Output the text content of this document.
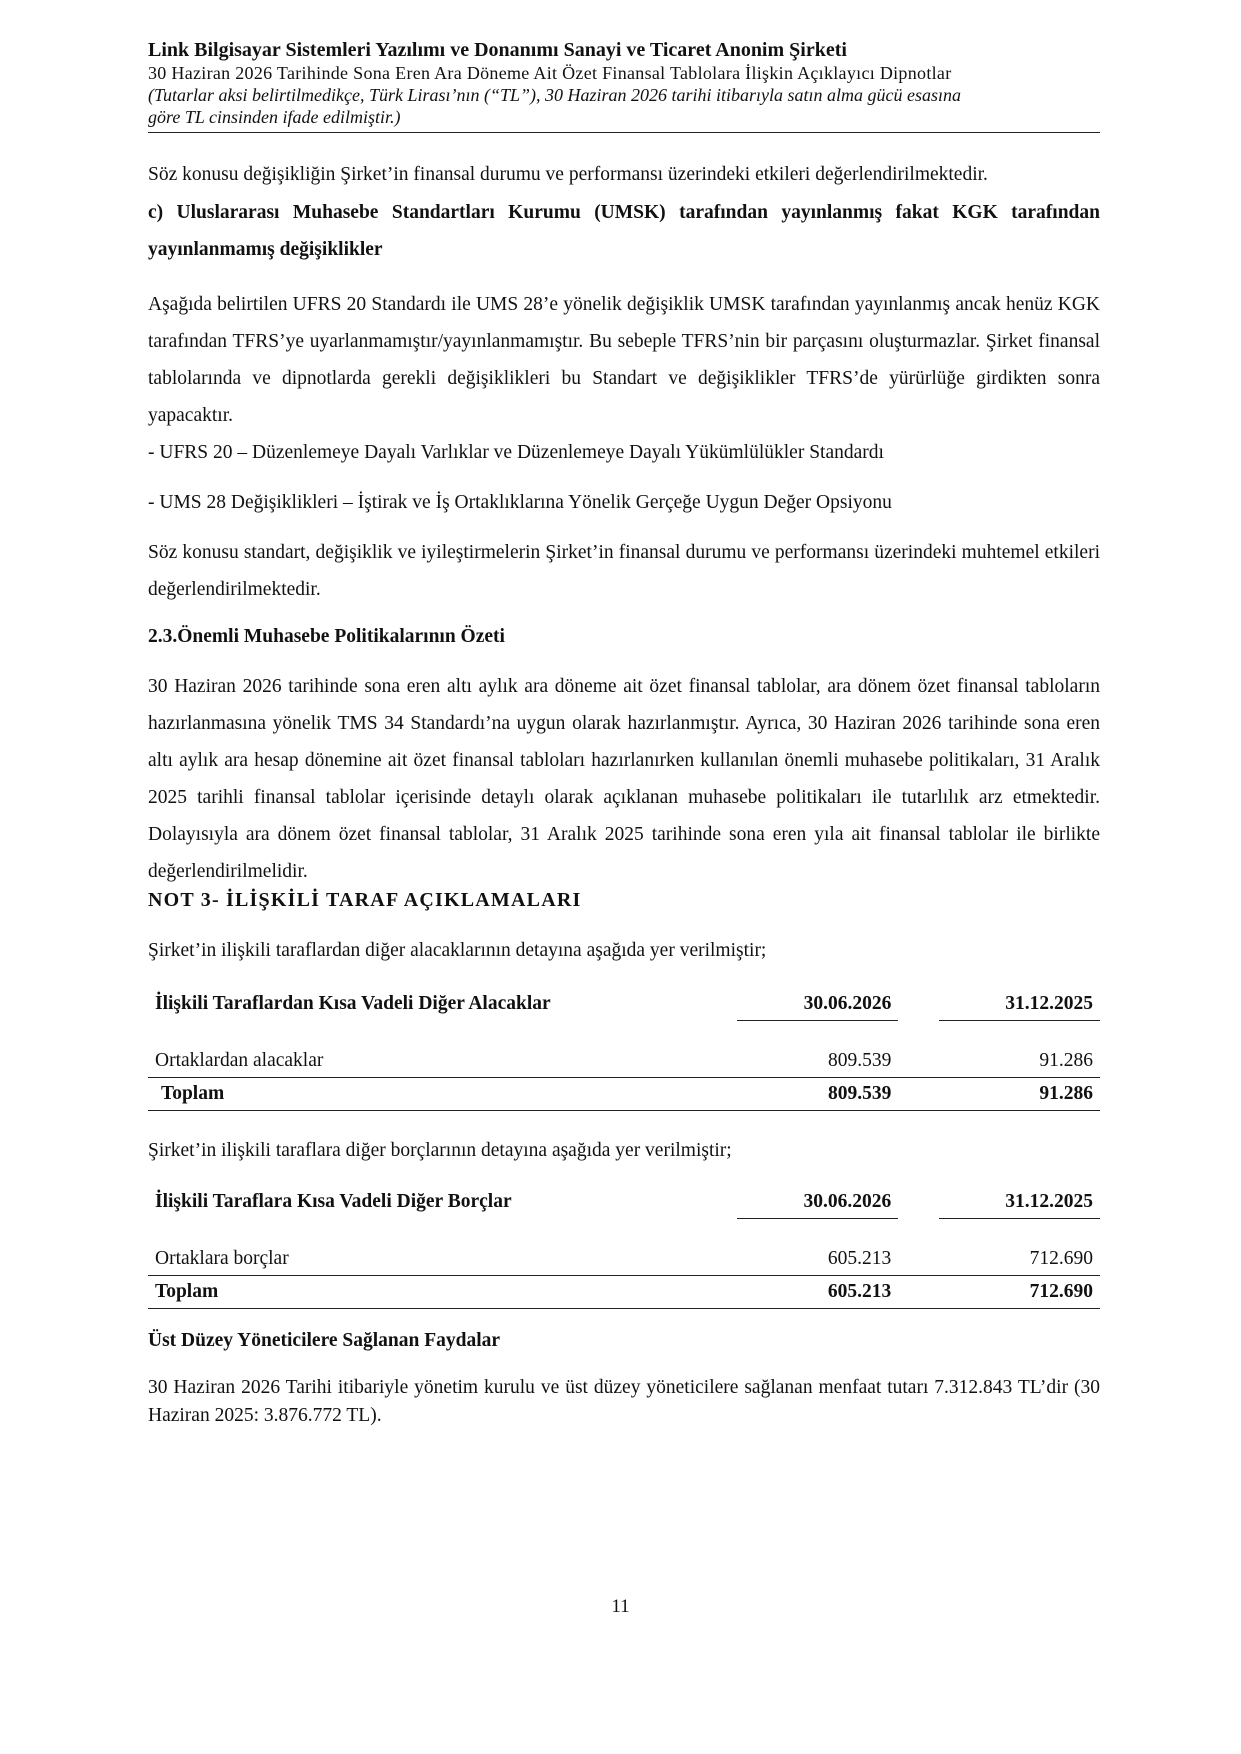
Link Bilgisayar Sistemleri Yazılımı ve Donanımı Sanayi ve Ticaret Anonim Şirketi
30 Haziran 2026 Tarihinde Sona Eren Ara Döneme Ait Özet Finansal Tablolara İlişkin Açıklayıcı Dipnotlar
(Tutarlar aksi belirtilmedikçe, Türk Lirası’nın (“TL”), 30 Haziran 2026 tarihi itibarıyla satın alma gücü esasına
göre TL cinsinden ifade edilmiştir.)

Söz konusu değişikliğin Şirket’in finansal durumu ve performansı üzerindeki etkileri değerlendirilmektedir.

c) Uluslararası Muhasebe Standartları Kurumu (UMSK) tarafından yayınlanmış fakat KGK tarafından yayınlanmamış değişiklikler

Aşağıda belirtilen UFRS 20 Standardı ile UMS 28’e yönelik değişiklik UMSK tarafından yayınlanmış ancak henüz KGK tarafından TFRS’ye uyarlanmamıştır/yayınlanmamıştır. Bu sebeple TFRS’nin bir parçasını oluşturmazlar. Şirket finansal tablolarında ve dipnotlarda gerekli değişiklikleri bu Standart ve değişiklikler TFRS’de yürürlüğe girdikten sonra yapacaktır.

- UFRS 20 – Düzenlemeye Dayalı Varlıklar ve Düzenlemeye Dayalı Yükümlülükler Standardı

- UMS 28 Değişiklikleri – İştirak ve İş Ortaklıklarına Yönelik Gerçeğe Uygun Değer Opsiyonu

Söz konusu standart, değişiklik ve iyileştirmelerin Şirket’in finansal durumu ve performansı üzerindeki muhtemel etkileri değerlendirilmektedir.

2.3.Önemli Muhasebe Politikalarının Özeti

30 Haziran 2026 tarihinde sona eren altı aylık ara döneme ait özet finansal tablolar, ara dönem özet finansal tabloların hazırlanmasına yönelik TMS 34 Standardı’na uygun olarak hazırlanmıştır. Ayrıca, 30 Haziran 2026 tarihinde sona eren altı aylık ara hesap dönemine ait özet finansal tabloları hazırlanırken kullanılan önemli muhasebe politikaları, 31 Aralık 2025 tarihli finansal tablolar içerisinde detaylı olarak açıklanan muhasebe politikaları ile tutarlılık arz etmektedir. Dolayısıyla ara dönem özet finansal tablolar, 31 Aralık 2025 tarihinde sona eren yıla ait finansal tablolar ile birlikte değerlendirilmelidir.

NOT 3- İLİŞKİLİ TARAF AÇIKLAMALARI

Şirket’in ilişkili taraflardan diğer alacaklarının detayına aşağıda yer verilmiştir;

İlişkili Taraflardan Kısa Vadeli Diğer Alacaklar	30.06.2026		31.12.2025

Ortaklardan alacaklar	809.539		91.286
Toplam	809.539		91.286

Şirket’in ilişkili taraflara diğer borçlarının detayına aşağıda yer verilmiştir;

İlişkili Taraflara Kısa Vadeli Diğer Borçlar	30.06.2026		31.12.2025

Ortaklara borçlar	605.213		712.690
Toplam	605.213		712.690

Üst Düzey Yöneticilere Sağlanan Faydalar

30 Haziran 2026 Tarihi itibariyle yönetim kurulu ve üst düzey yöneticilere sağlanan menfaat tutarı 7.312.843 TL’dir (30 Haziran 2025: 3.876.772 TL).

11
